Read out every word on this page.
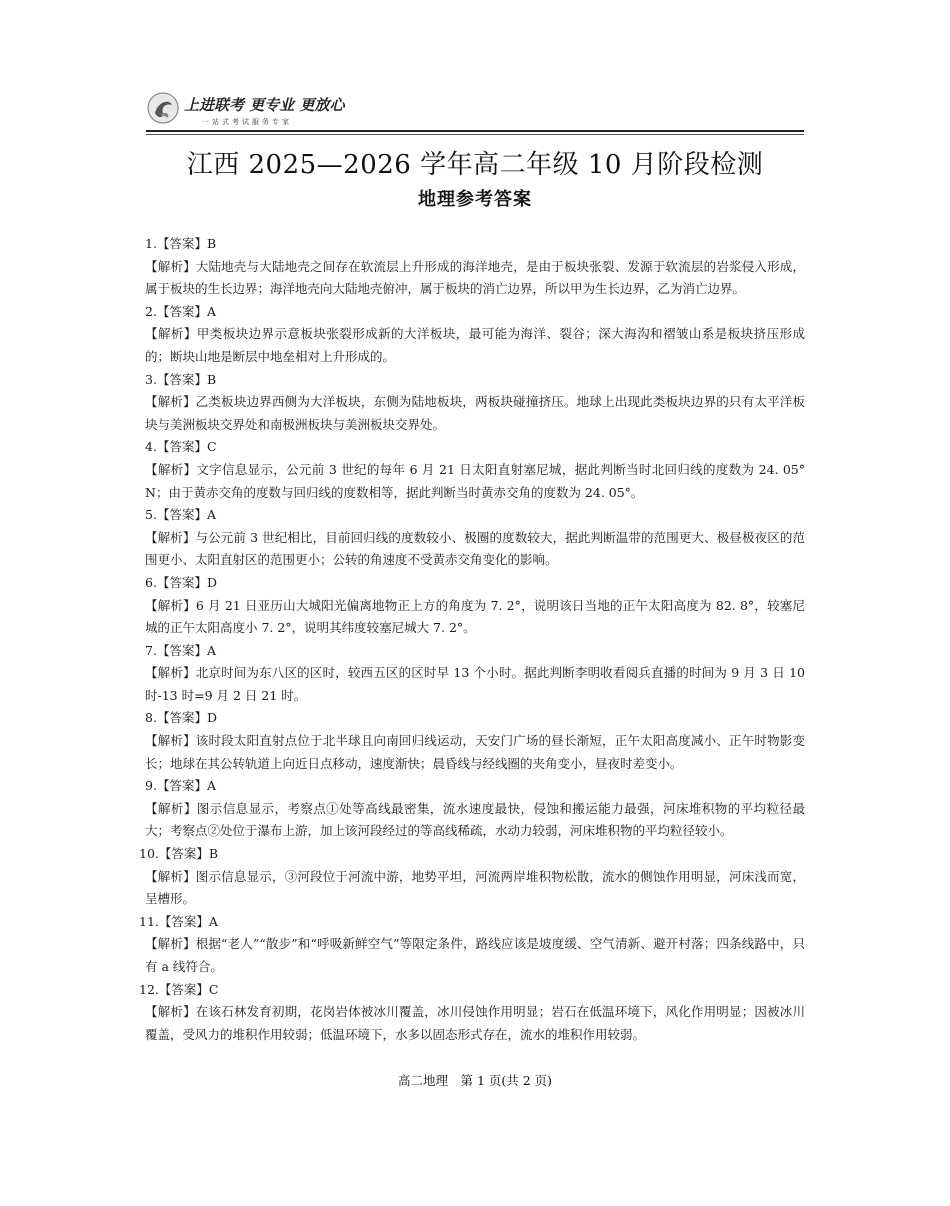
上进联考 更专业 更放心
一站式考试服务专家
江西 2025—2026 学年高二年级 10 月阶段检测
地理参考答案
1.【答案】B

【解析】大陆地壳与大陆地壳之间存在软流层上升形成的海洋地壳，是由于板块张裂、发源于软流层的岩浆侵入形成，属于板块的生长边界；海洋地壳向大陆地壳俯冲，属于板块的消亡边界，所以甲为生长边界，乙为消亡边界。

2.【答案】A

【解析】甲类板块边界示意板块张裂形成新的大洋板块，最可能为海洋、裂谷；深大海沟和褶皱山系是板块挤压形成的；断块山地是断层中地垒相对上升形成的。

3.【答案】B

【解析】乙类板块边界西侧为大洋板块，东侧为陆地板块，两板块碰撞挤压。地球上出现此类板块边界的只有太平洋板块与美洲板块交界处和南极洲板块与美洲板块交界处。

4.【答案】C

【解析】文字信息显示，公元前 3 世纪的每年 6 月 21 日太阳直射塞尼城，据此判断当时北回归线的度数为 24. 05° N；由于黄赤交角的度数与回归线的度数相等，据此判断当时黄赤交角的度数为 24. 05°。

5.【答案】A

【解析】与公元前 3 世纪相比，目前回归线的度数较小、极圈的度数较大，据此判断温带的范围更大、极昼极夜区的范围更小、太阳直射区的范围更小；公转的角速度不受黄赤交角变化的影响。

6.【答案】D

【解析】6 月 21 日亚历山大城阳光偏离地物正上方的角度为 7. 2°，说明该日当地的正午太阳高度为 82. 8°，较塞尼城的正午太阳高度小 7. 2°，说明其纬度较塞尼城大 7. 2°。

7.【答案】A

【解析】北京时间为东八区的区时，较西五区的区时早 13 个小时。据此判断李明收看阅兵直播的时间为 9 月 3 日 10 时-13 时=9 月 2 日 21 时。

8.【答案】D

【解析】该时段太阳直射点位于北半球且向南回归线运动，天安门广场的昼长渐短，正午太阳高度减小、正午时物影变长；地球在其公转轨道上向近日点移动，速度渐快；晨昏线与经线圈的夹角变小，昼夜时差变小。

9.【答案】A

【解析】图示信息显示，考察点①处等高线最密集，流水速度最快，侵蚀和搬运能力最强，河床堆积物的平均粒径最大；考察点②处位于瀑布上游，加上该河段经过的等高线稀疏，水动力较弱，河床堆积物的平均粒径较小。

10.【答案】B

【解析】图示信息显示，③河段位于河流中游，地势平坦，河流两岸堆积物松散，流水的侧蚀作用明显，河床浅而宽，呈槽形。

11.【答案】A

【解析】根据“老人”“散步”和“呼吸新鲜空气”等限定条件，路线应该是坡度缓、空气清新、避开村落；四条线路中，只有 a 线符合。

12.【答案】C

【解析】在该石林发育初期，花岗岩体被冰川覆盖，冰川侵蚀作用明显；岩石在低温环境下，风化作用明显；因被冰川覆盖，受风力的堆积作用较弱；低温环境下，水多以固态形式存在，流水的堆积作用较弱。

高二地理　第 1 页(共 2 页)
